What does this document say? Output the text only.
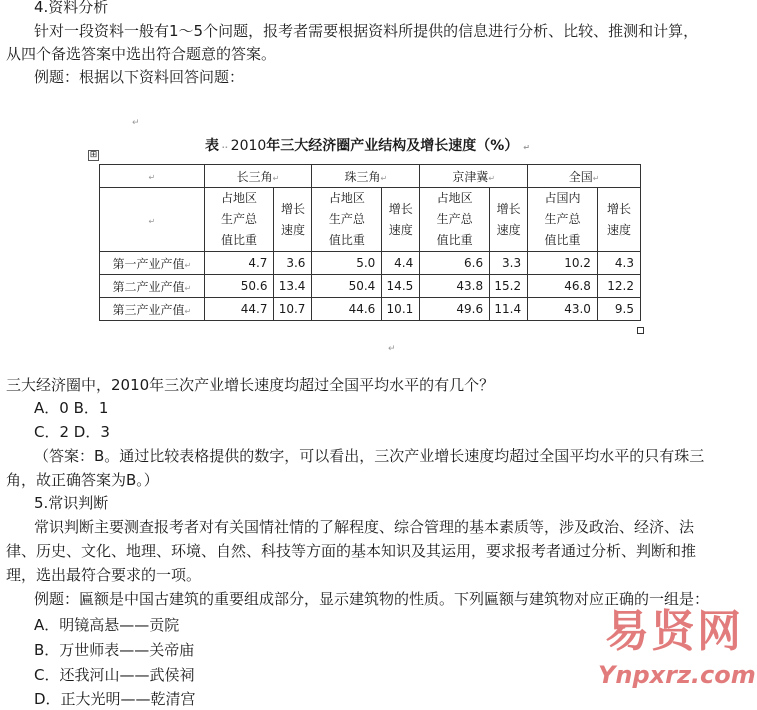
4.资料分析
针对一段资料一般有1～5个问题，报考者需要根据资料所提供的信息进行分析、比较、推测和计算，
从四个备选答案中选出符合题意的答案。
例题：根据以下资料回答问题：
↵
表 ·· 2010年三大经济圈产业结构及增长速度（%） ↵
⊞
↵	长三角↵		珠三角↵		京津冀↵		全国↵	
↵	占地区
生产总
值比重	增长
速度	占地区
生产总
值比重	增长
速度	占地区
生产总
值比重	增长
速度	占国内
生产总
值比重	增长
速度
第一产业产值↵	4.7	3.6	5.0	4.4	6.6	3.3	10.2	4.3
第二产业产值↵	50.6	13.4	50.4	14.5	43.8	15.2	46.8	12.2
第三产业产值↵	44.7	10.7	44.6	10.1	49.6	11.4	43.0	9.5
↵
三大经济圈中，2010年三次产业增长速度均超过全国平均水平的有几个？
A．0 B．1
C．2 D．3
（答案：B。通过比较表格提供的数字，可以看出，三次产业增长速度均超过全国平均水平的只有珠三
角，故正确答案为B。）
5.常识判断
常识判断主要测查报考者对有关国情社情的了解程度、综合管理的基本素质等，涉及政治、经济、法
律、历史、文化、地理、环境、自然、科技等方面的基本知识及其运用，要求报考者通过分析、判断和推
理，选出最符合要求的一项。
例题：匾额是中国古建筑的重要组成部分，显示建筑物的性质。下列匾额与建筑物对应正确的一组是：
A．明镜高悬——贡院
B．万世师表——关帝庙
C．还我河山——武侯祠
D．正大光明——乾清宫
易贤网
Ynpxrz.com
